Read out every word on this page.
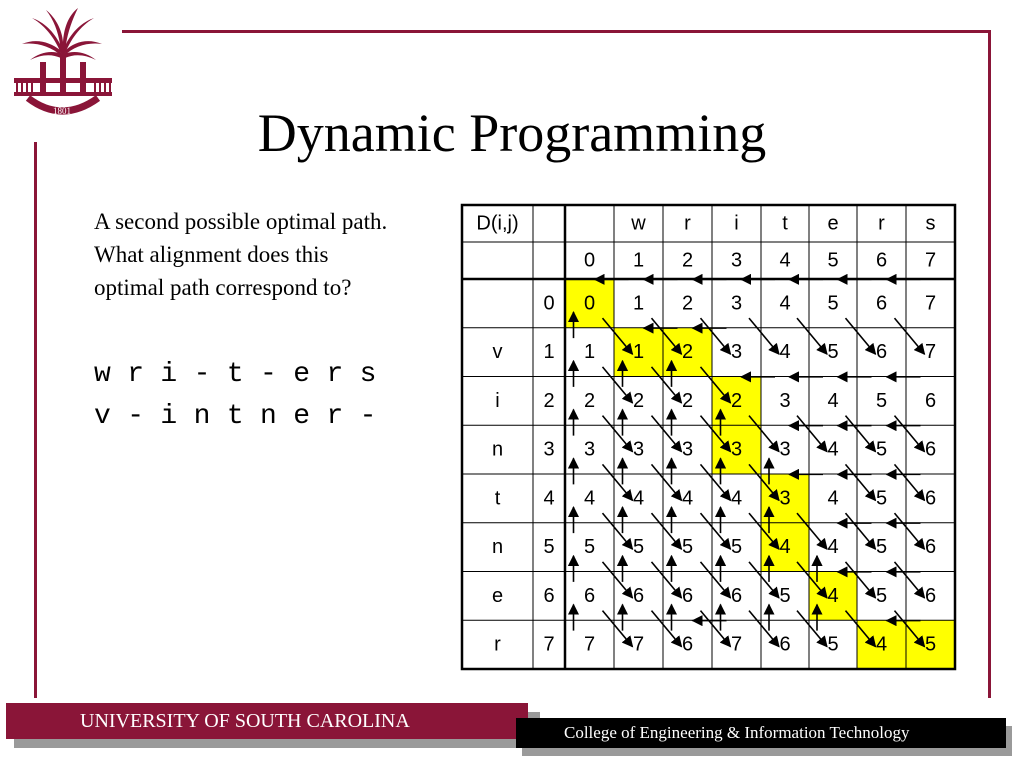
1801	Dynamic Programming
A second possible optimal path.
What alignment does this
optimal path correspond to?
w r i - t - e r s
v - i n t n e r -
D(i,j)	w r i t e r s
0 1 2 3 4 5 6 7
0 0 1 2 3 4 5 6 7
v 1 1 1 2 3 4 5 6 7
i 2 2 2 2 2 3 4 5 6
n 3 3 3 3 3 3 4 5 6
t 4 4 4 4 4 3 4 5 6
n 5 5 5 5 5 4 4 5 6
e 6 6 6 6 6 5 4 5 6
r 7 7 7 6 7 6 5 4 5
UNIVERSITY OF SOUTH CAROLINA
College of Engineering & Information Technology
